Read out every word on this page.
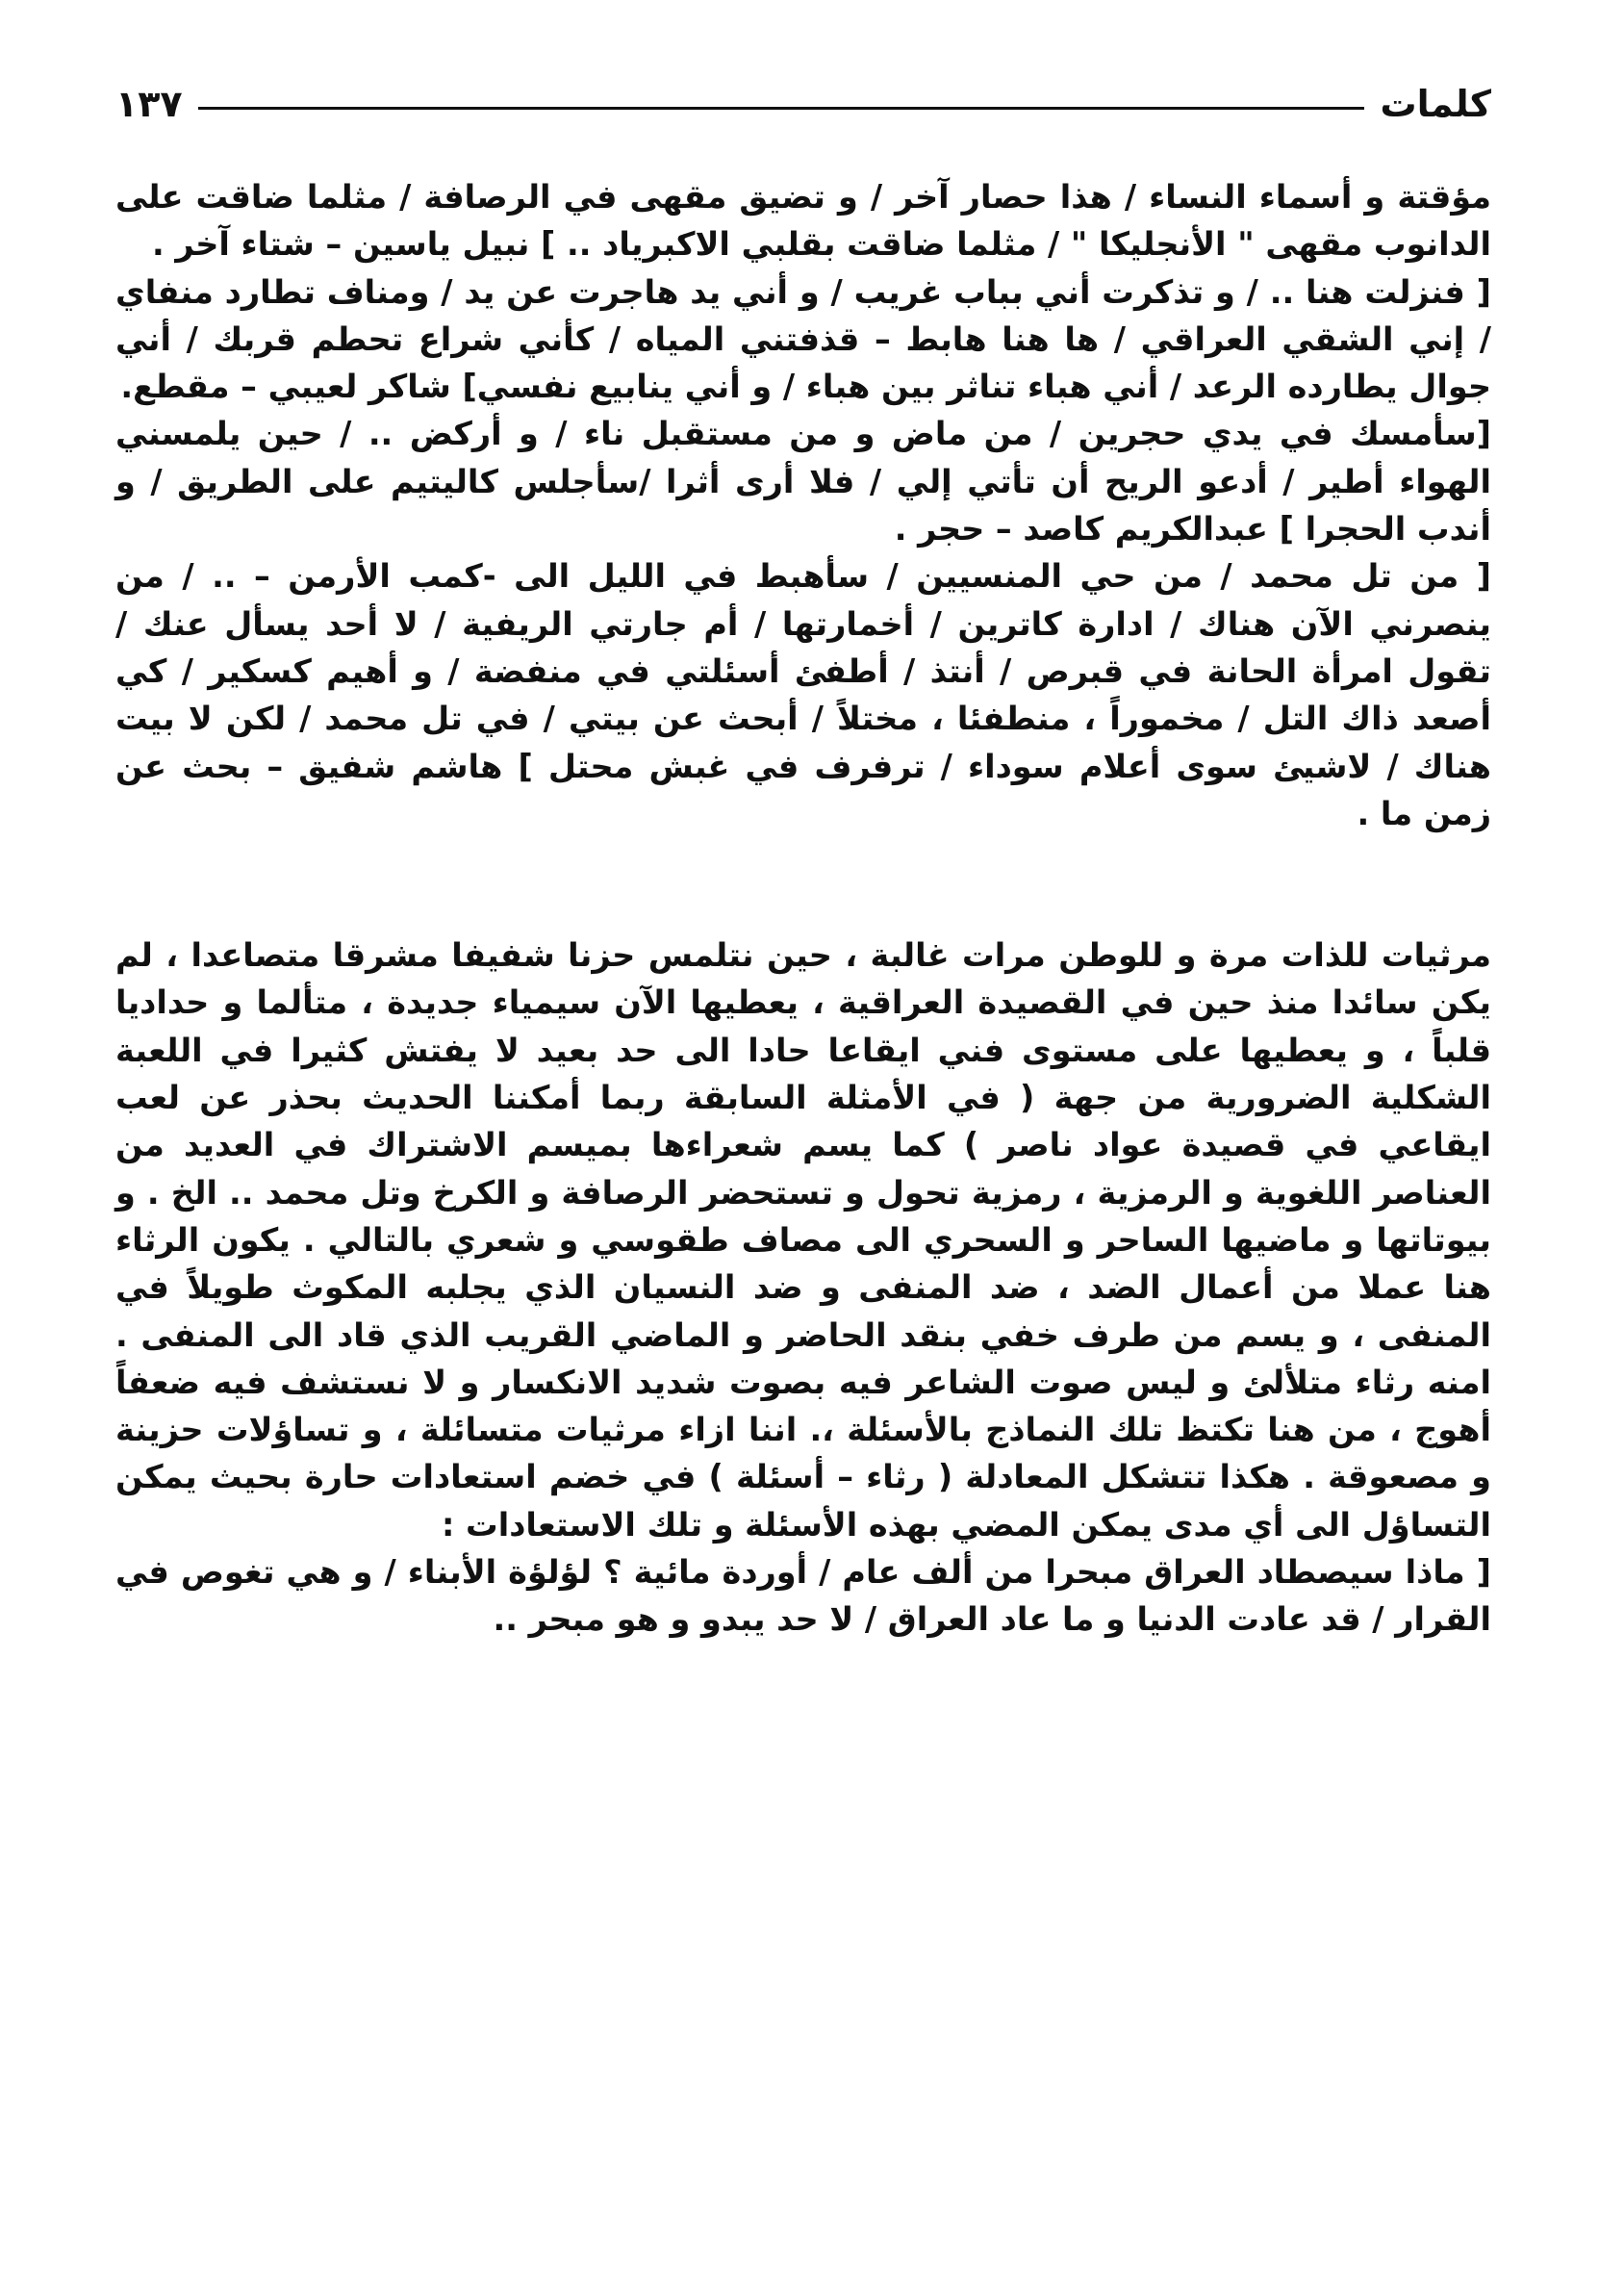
كلمات
١٣٧

مؤقتة و أسماء النساء / هذا حصار آخر / و تضيق مقهى في الرصافة / مثلما ضاقت على الدانوب مقهى " الأنجليكا " / مثلما ضاقت بقلبي الاكبرياد .. ] نبيل ياسين – شتاء آخر .

[ فنزلت هنا .. / و تذكرت أني بباب غريب / و أني يد هاجرت عن يد / ومناف تطارد منفاي / إني الشقي العراقي / ها هنا هابط – قذفتني المياه / كأني شراع تحطم قربك / أني جوال يطارده الرعد / أني هباء تناثر بين هباء / و أني ينابيع نفسي] شاكر لعيبي – مقطع.

[سأمسك في يدي حجرين / من ماض و من مستقبل ناء / و أركض .. / حين يلمسني الهواء أطير / أدعو الريح أن تأتي إلي / فلا أرى أثرا /سأجلس كاليتيم على الطريق / و أندب الحجرا ] عبدالكريم كاصد – حجر .

[ من تل محمد / من حي المنسيين / سأهبط في الليل الى -كمب الأرمن – .. / من ينصرني الآن هناك / ادارة كاترين / أخمارتها / أم جارتي الريفية / لا أحد يسأل عنك / تقول امرأة الحانة في قبرص / أنتذ / أطفئ أسئلتي في منفضة / و أهيم كسكير / كي أصعد ذاك التل / مخموراً ، منطفئا ، مختلاً / أبحث عن بيتي / في تل محمد / لكن لا بيت هناك / لاشيئ سوى أعلام سوداء / ترفرف في غبش محتل ] هاشم شفيق – بحث عن زمن ما .

مرثيات للذات مرة و للوطن مرات غالبة ، حين نتلمس حزنا شفيفا مشرقا متصاعدا ، لم يكن سائدا منذ حين في القصيدة العراقية ، يعطيها الآن سيمياء جديدة ، متألما و حداديا قلباً ، و يعطيها على مستوى فني ايقاعا حادا الى حد بعيد لا يفتش كثيرا في اللعبة الشكلية الضرورية من جهة ( في الأمثلة السابقة ربما أمكننا الحديث بحذر عن لعب ايقاعي في قصيدة عواد ناصر ) كما يسم شعراءها بميسم الاشتراك في العديد من العناصر اللغوية و الرمزية ، رمزية تحول و تستحضر الرصافة و الكرخ وتل محمد .. الخ . و بيوتاتها و ماضيها الساحر و السحري الى مصاف طقوسي و شعري بالتالي . يكون الرثاء هنا عملا من أعمال الضد ، ضد المنفى و ضد النسيان الذي يجلبه المكوث طويلاً في المنفى ، و يسم من طرف خفي بنقد الحاضر و الماضي القريب الذي قاد الى المنفى . امنه رثاء متلألئ و ليس صوت الشاعر فيه بصوت شديد الانكسار و لا نستشف فيه ضعفاً أهوج ، من هنا تكتظ تلك النماذج بالأسئلة ،. اننا ازاء مرثيات متسائلة ، و تساؤلات حزينة و مصعوقة . هكذا تتشكل المعادلة ( رثاء – أسئلة ) في خضم استعادات حارة بحيث يمكن التساؤل الى أي مدى يمكن المضي بهذه الأسئلة و تلك الاستعادات :

[ ماذا سيصطاد العراق مبحرا من ألف عام / أوردة مائية ؟ لؤلؤة الأبناء / و هي تغوص في القرار / قد عادت الدنيا و ما عاد العراق / لا حد يبدو و هو مبحر ..
